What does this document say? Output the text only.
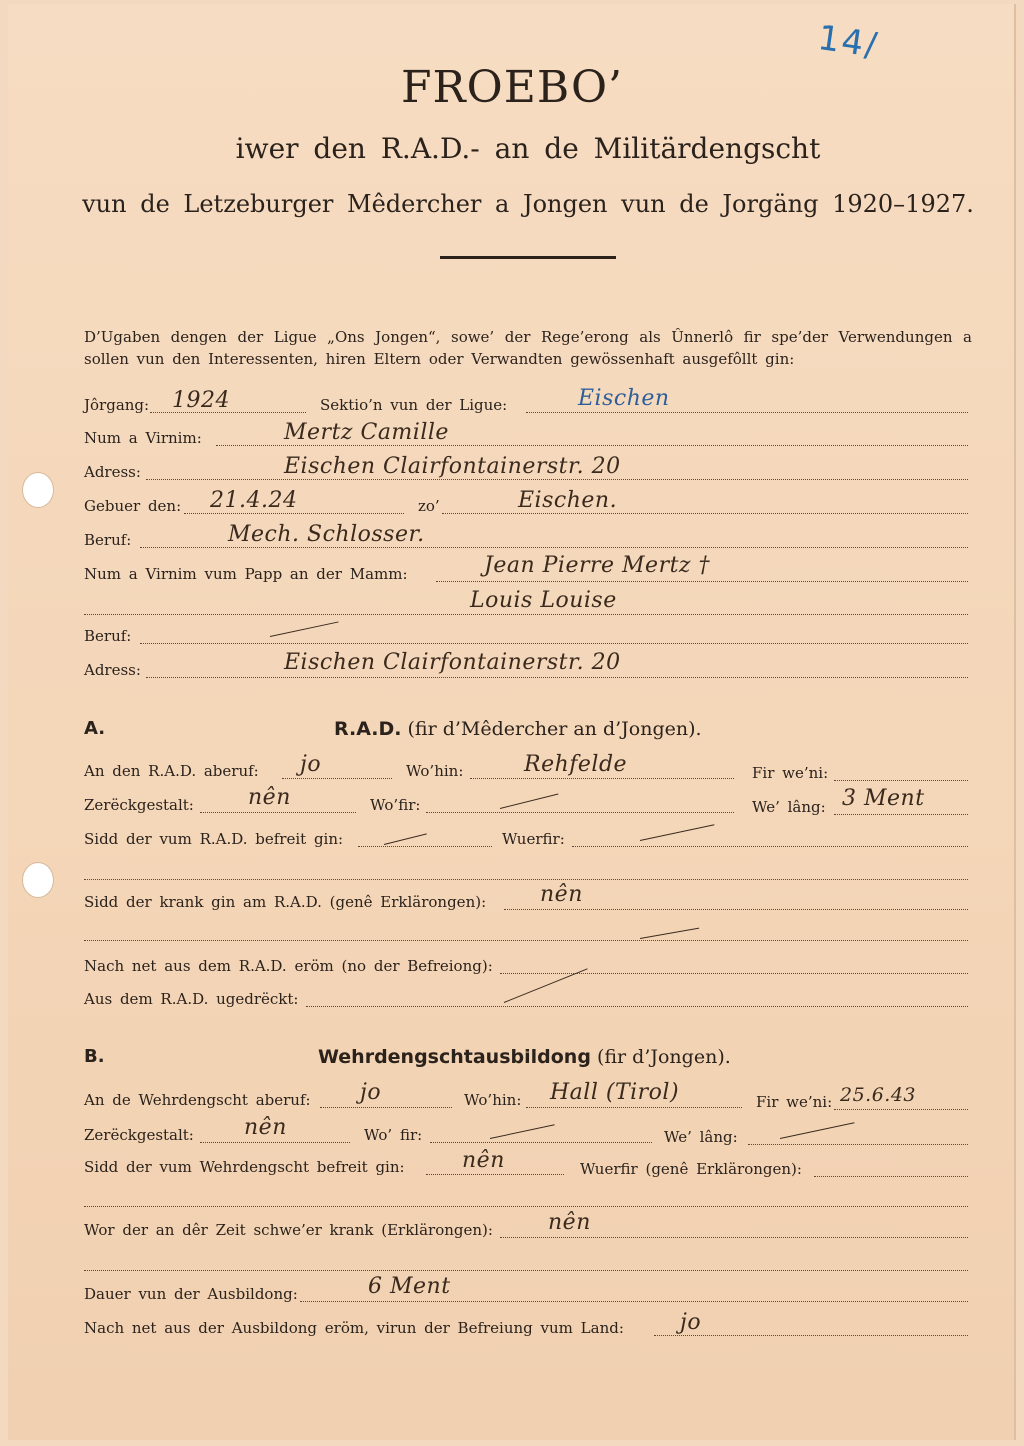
14/
FROEBO’
iwer den R.A.D.- an de Militärdengscht
vun de Letzeburger Mêdercher a Jongen vun de Jorgäng 1920–1927.
D’Ugaben dengen der Ligue „Ons Jongen“, sowe’ der Rege’erong als Ûnnerlô fir spe’der Verwendungen a sollen vun den Interessenten, hiren Eltern oder Verwandten gewössenhaft ausgefôllt gin:
Jôrgang: 1924	Sektio’n vun der Ligue:	Eischen
Num a Virnim:	Mertz Camille
Adress:	Eischen Clairfontainerstr. 20
Gebuer den: 21.4.24	zo’	Eischen.
Beruf:	Mech. Schlosser.
Num a Virnim vum Papp an der Mamm:	Jean Pierre Mertz †
Louis Louise
Beruf:
Adress:	Eischen Clairfontainerstr. 20
A.	R.A.D. (fir d’Mêdercher an d’Jongen).
An den R.A.D. aberuf: jo	Wo’hin:	Rehfelde	Fir we’ni:
Zerëckgestalt: nên	Wo’fir:	We’ lâng: 3 Ment
Sidd der vum R.A.D. befreit gin:	Wuerfir:
Sidd der krank gin am R.A.D. (genê Erklärongen): nên
Nach net aus dem R.A.D. eröm (no der Befreiong):
Aus dem R.A.D. ugedrëckt:
B.	Wehrdengschtausbildong (fir d’Jongen).
An de Wehrdengscht aberuf: jo	Wo’hin: Hall (Tirol)	Fir we’ni: 25.6.43
Zerëckgestalt: nên	Wo’ fir:	We’ lâng:
Sidd der vum Wehrdengscht befreit gin:	nên	Wuerfir (genê Erklärongen):
Wor der an dêr Zeit schwe’er krank (Erklärongen):	nên
Dauer vun der Ausbildong:	6 Ment
Nach net aus der Ausbildong eröm, virun der Befreiung vum Land:	jo
